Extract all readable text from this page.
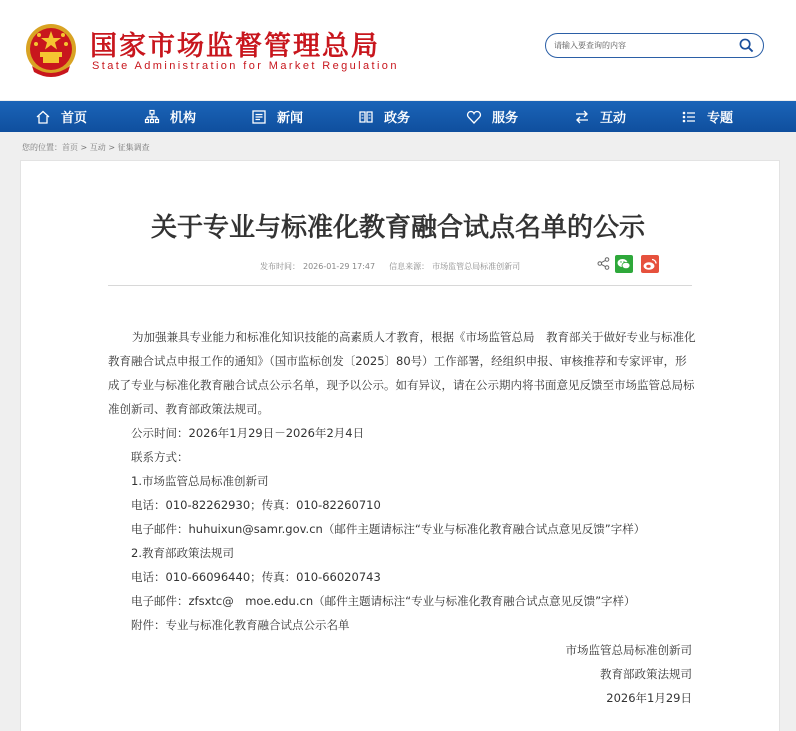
国家市场监督管理总局
State Administration for Market Regulation
请输入要查询的内容
首页	机构	新闻	政务	服务	互动	专题
您的位置：首页 > 互动 > 征集调查
关于专业与标准化教育融合试点名单的公示
发布时间： 2026-01-29 17:47 信息来源： 市场监管总局标准创新司
为加强兼具专业能力和标准化知识技能的高素质人才教育，根据《市场监管总局　教育部关于做好专业与标准化教育融合试点申报工作的通知》（国市监标创发〔2025〕80号）工作部署，经组织申报、审核推荐和专家评审，形成了专业与标准化教育融合试点公示名单，现予以公示。如有异议，请在公示期内将书面意见反馈至市场监管总局标准创新司、教育部政策法规司。
公示时间：2026年1月29日－2026年2月4日
联系方式：
1.市场监管总局标准创新司
电话：010-82262930；传真：010-82260710
电子邮件：huhuixun@samr.gov.cn（邮件主题请标注“专业与标准化教育融合试点意见反馈”字样）
2.教育部政策法规司
电话：010-66096440；传真：010-66020743
电子邮件：zfsxtc@　moe.edu.cn（邮件主题请标注“专业与标准化教育融合试点意见反馈”字样）
附件：专业与标准化教育融合试点公示名单
市场监管总局标准创新司
教育部政策法规司
2026年1月29日
